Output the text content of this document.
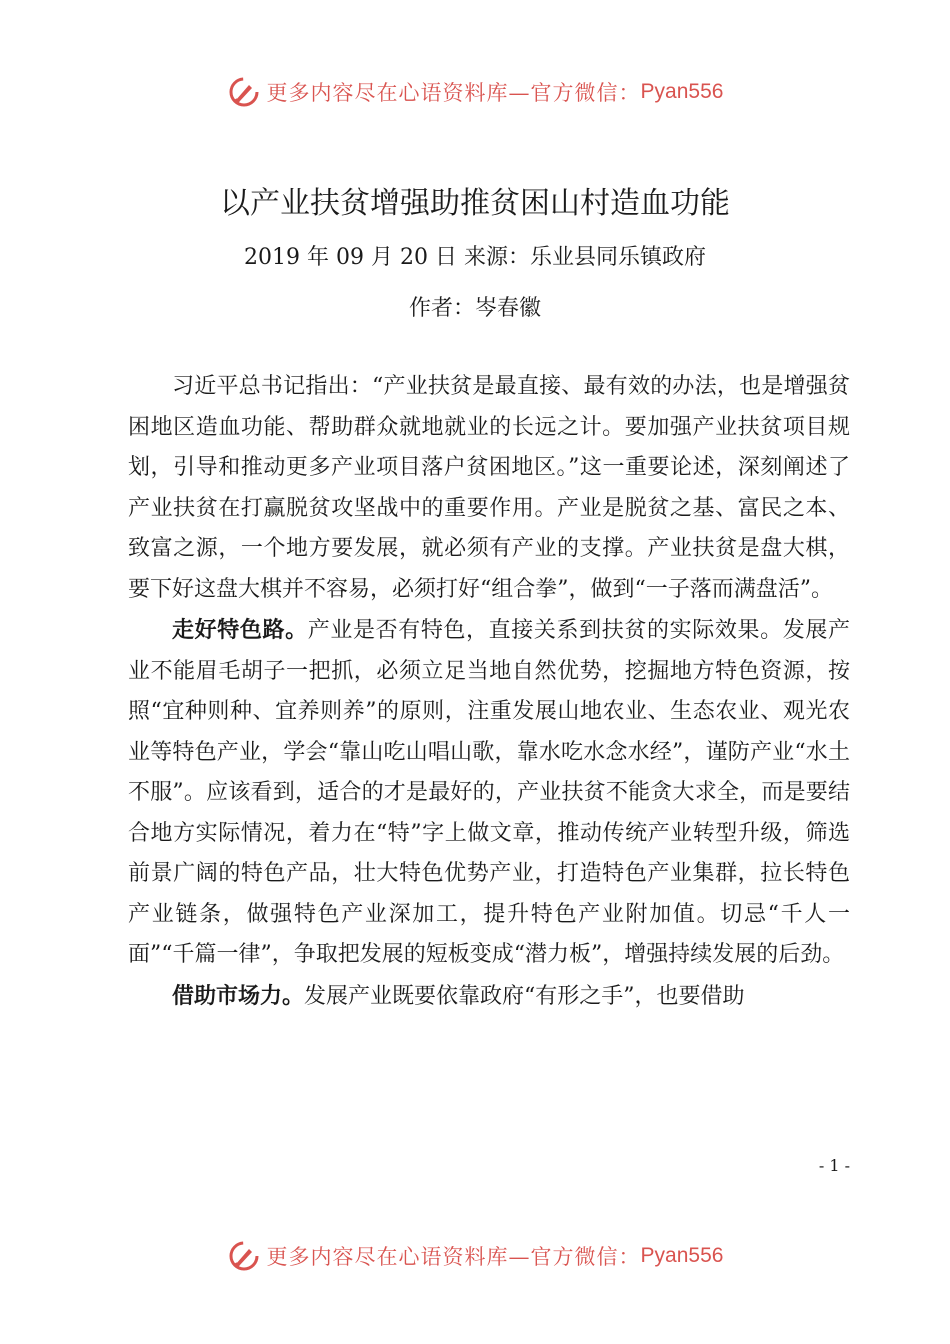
更多内容尽在心语资料库—官方微信： Pyan556
以产业扶贫增强助推贫困山村造血功能
2019 年 09 月 20 日 来源：乐业县同乐镇政府
作者：岑春徽

习近平总书记指出：“产业扶贫是最直接、最有效的办法，也是增强贫困地区造血功能、帮助群众就地就业的长远之计。要加强产业扶贫项目规划，引导和推动更多产业项目落户贫困地区。”这一重要论述，深刻阐述了产业扶贫在打赢脱贫攻坚战中的重要作用。产业是脱贫之基、富民之本、致富之源，一个地方要发展，就必须有产业的支撑。产业扶贫是盘大棋，要下好这盘大棋并不容易，必须打好“组合拳”，做到“一子落而满盘活”。

走好特色路。产业是否有特色，直接关系到扶贫的实际效果。发展产业不能眉毛胡子一把抓，必须立足当地自然优势，挖掘地方特色资源，按照“宜种则种、宜养则养”的原则，注重发展山地农业、生态农业、观光农业等特色产业，学会“靠山吃山唱山歌，靠水吃水念水经”，谨防产业“水土不服”。应该看到，适合的才是最好的，产业扶贫不能贪大求全，而是要结合地方实际情况，着力在“特”字上做文章，推动传统产业转型升级，筛选前景广阔的特色产品，壮大特色优势产业，打造特色产业集群，拉长特色产业链条，做强特色产业深加工，提升特色产业附加值。切忌“千人一面”“千篇一律”，争取把发展的短板变成“潜力板”，增强持续发展的后劲。

借助市场力。发展产业既要依靠政府“有形之手”，也要借助

- 1 -
更多内容尽在心语资料库—官方微信： Pyan556
